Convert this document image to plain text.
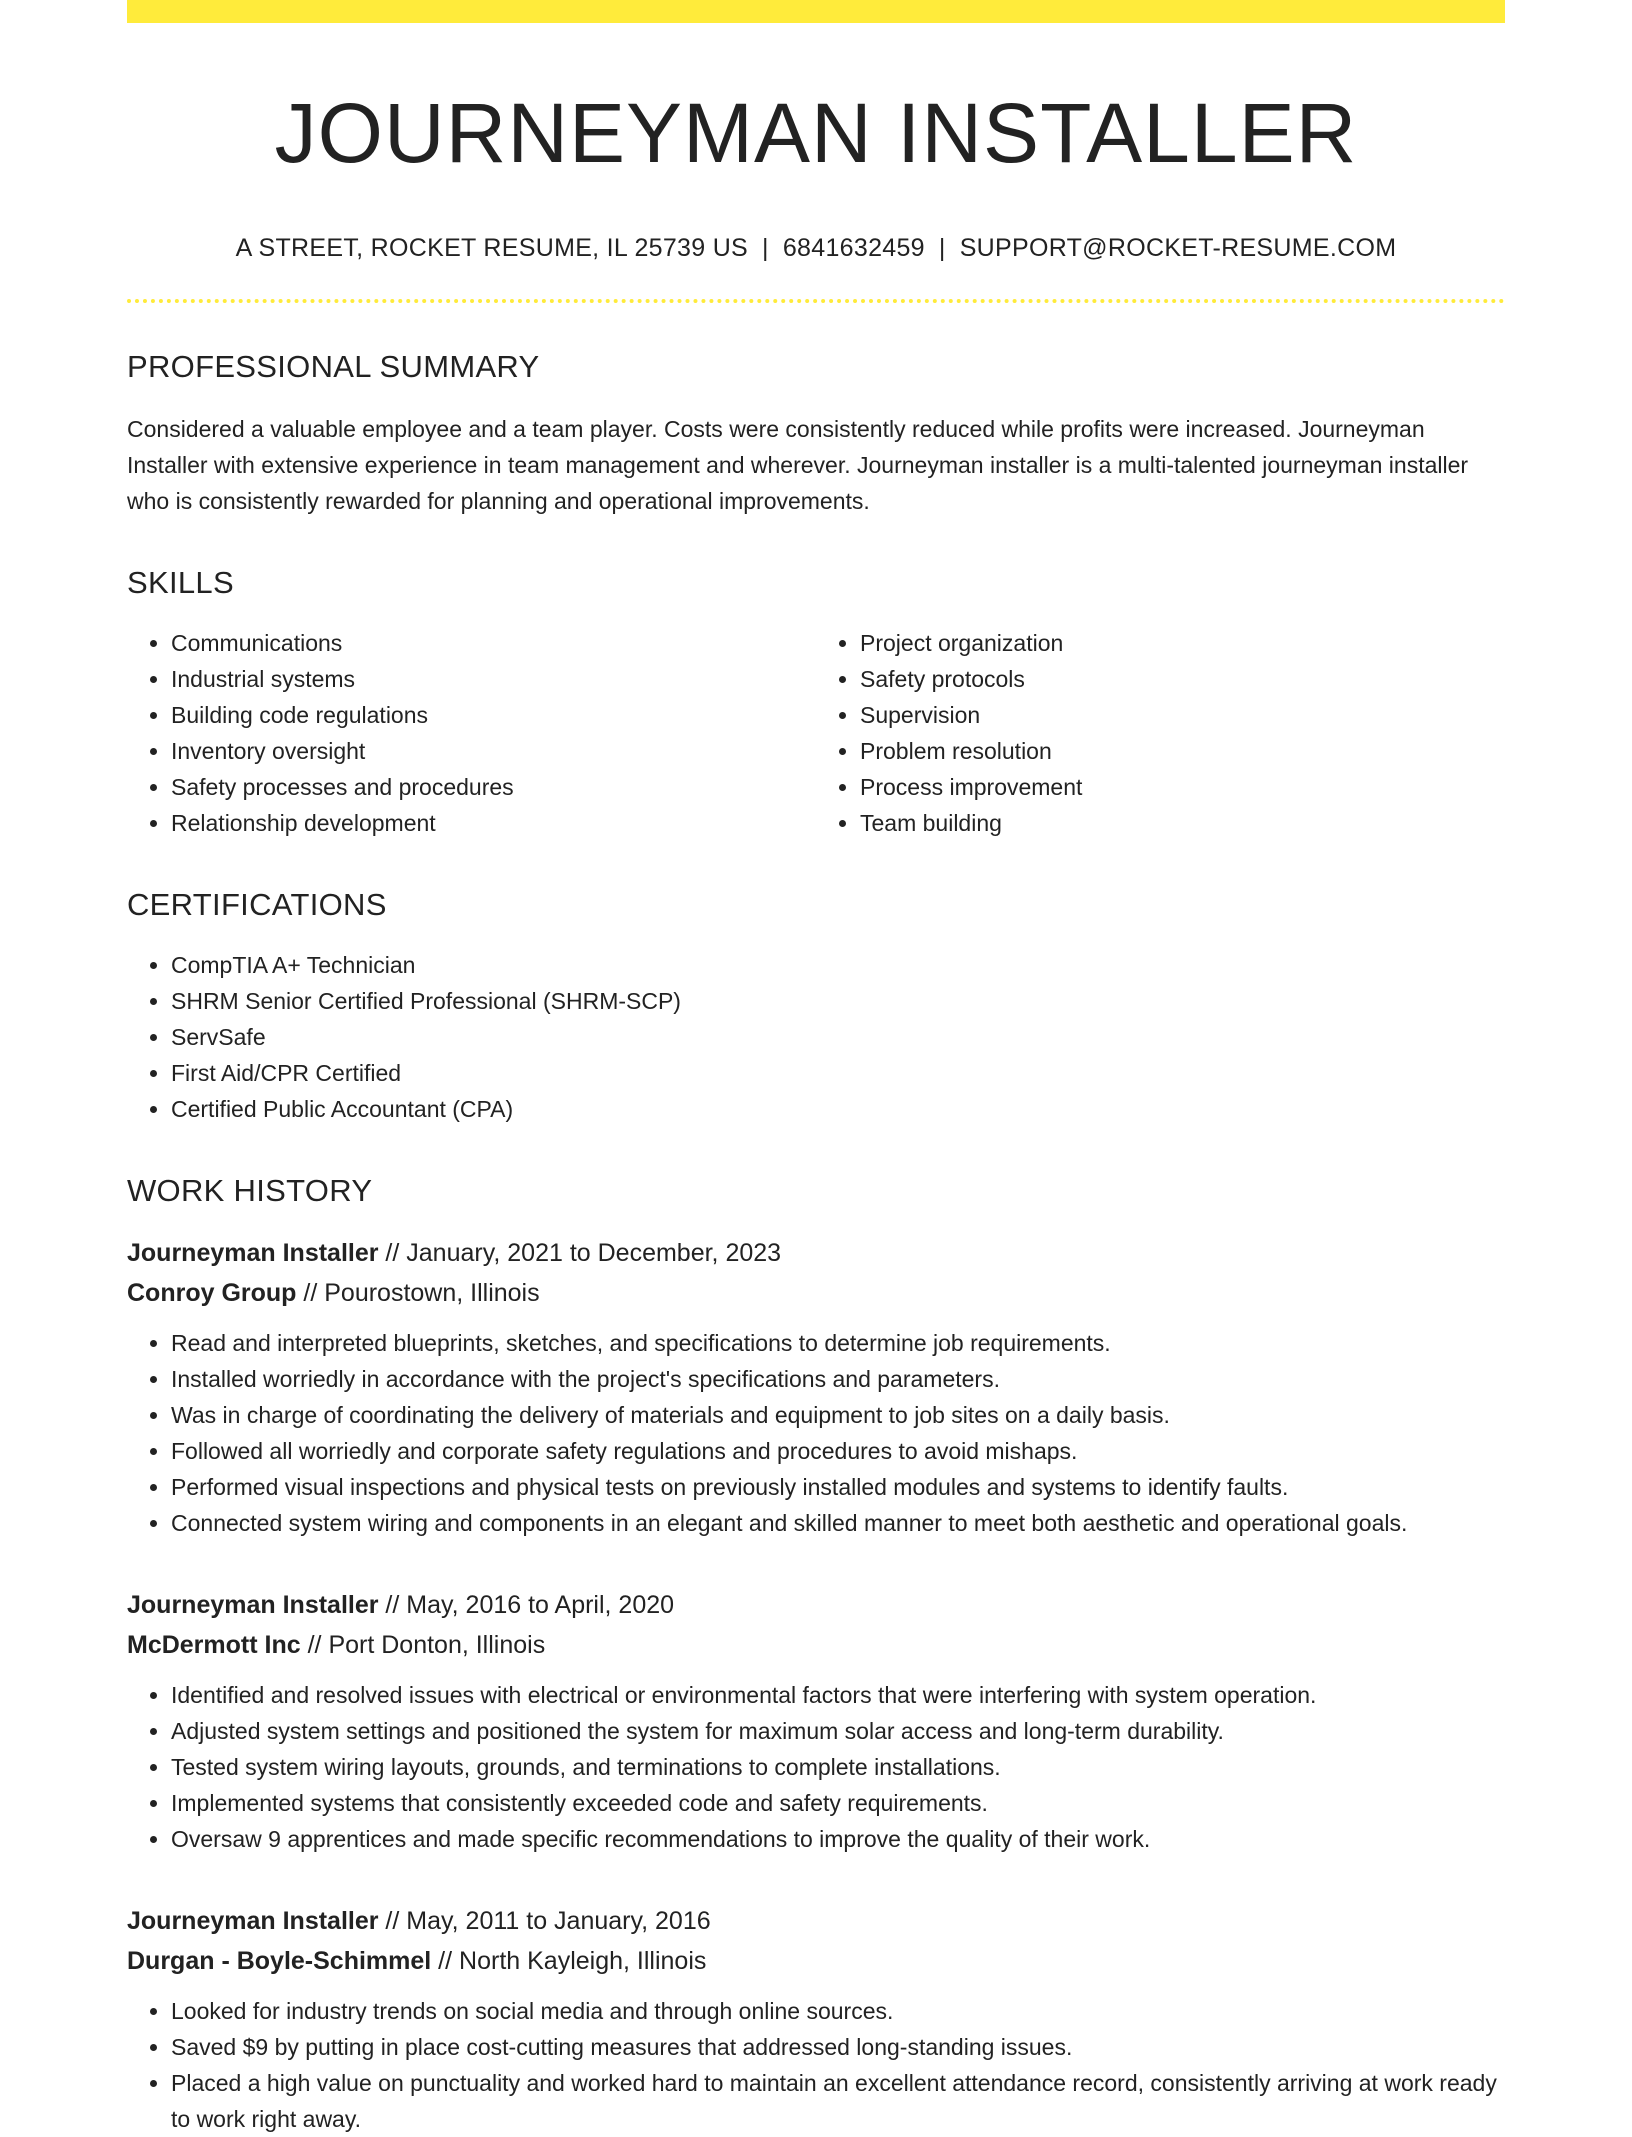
JOURNEYMAN INSTALLER
A STREET, ROCKET RESUME, IL 25739 US | 6841632459 | SUPPORT@ROCKET-RESUME.COM
PROFESSIONAL SUMMARY

Considered a valuable employee and a team player. Costs were consistently reduced while profits were increased. Journeyman Installer with extensive experience in team management and wherever. Journeyman installer is a multi-talented journeyman installer who is consistently rewarded for planning and operational improvements.

SKILLS
• Communications
• Industrial systems
• Building code regulations
• Inventory oversight
• Safety processes and procedures
• Relationship development
• Project organization
• Safety protocols
• Supervision
• Problem resolution
• Process improvement
• Team building
CERTIFICATIONS
• CompTIA A+ Technician
• SHRM Senior Certified Professional (SHRM-SCP)
• ServSafe
• First Aid/CPR Certified
• Certified Public Accountant (CPA)
WORK HISTORY
Journeyman Installer // January, 2021 to December, 2023
Conroy Group // Pourostown, Illinois
• Read and interpreted blueprints, sketches, and specifications to determine job requirements.
• Installed worriedly in accordance with the project's specifications and parameters.
• Was in charge of coordinating the delivery of materials and equipment to job sites on a daily basis.
• Followed all worriedly and corporate safety regulations and procedures to avoid mishaps.
• Performed visual inspections and physical tests on previously installed modules and systems to identify faults.
• Connected system wiring and components in an elegant and skilled manner to meet both aesthetic and operational goals.
Journeyman Installer // May, 2016 to April, 2020
McDermott Inc // Port Donton, Illinois
• Identified and resolved issues with electrical or environmental factors that were interfering with system operation.
• Adjusted system settings and positioned the system for maximum solar access and long-term durability.
• Tested system wiring layouts, grounds, and terminations to complete installations.
• Implemented systems that consistently exceeded code and safety requirements.
• Oversaw 9 apprentices and made specific recommendations to improve the quality of their work.
Journeyman Installer // May, 2011 to January, 2016
Durgan - Boyle-Schimmel // North Kayleigh, Illinois
• Looked for industry trends on social media and through online sources.
• Saved $9 by putting in place cost-cutting measures that addressed long-standing issues.
• Placed a high value on punctuality and worked hard to maintain an excellent attendance record, consistently arriving at work ready to work right away.
